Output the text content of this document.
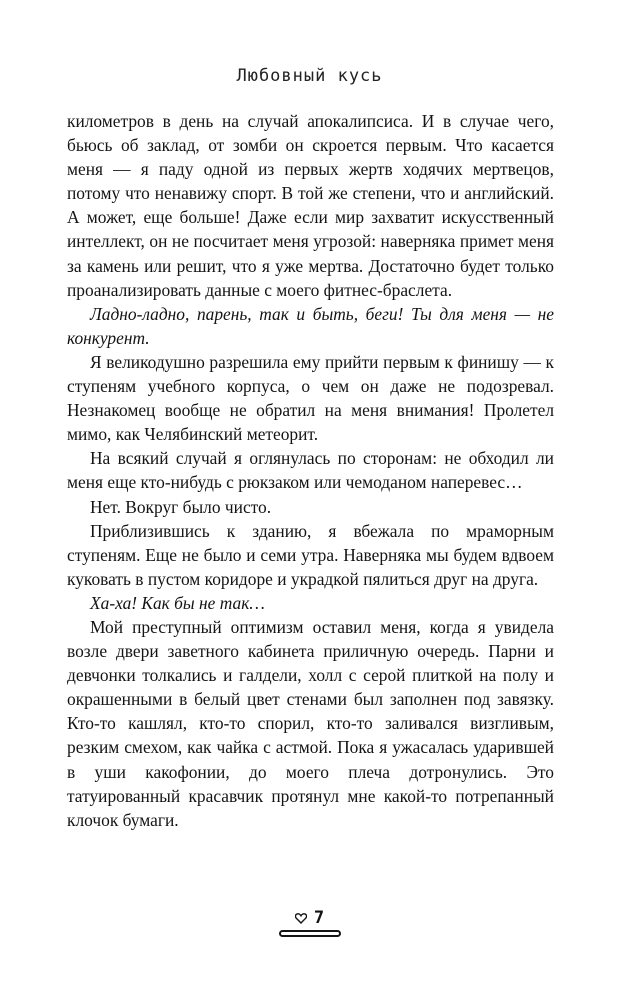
Любовный кусь

километров в день на случай апокалипсиса. И в случае чего, бьюсь об заклад, от зомби он скроется первым. Что касается меня — я паду одной из первых жертв ходячих мертвецов, потому что ненавижу спорт. В той же степени, что и английский. А может, еще больше! Даже если мир захватит искусственный интеллект, он не посчитает меня угрозой: наверняка примет меня за камень или решит, что я уже мертва. Достаточно будет только проанализировать данные с моего фитнес-браслета.

Ладно-ладно, парень, так и быть, беги! Ты для меня — не конкурент.

Я великодушно разрешила ему прийти первым к финишу — к ступеням учебного корпуса, о чем он даже не подозревал. Незнакомец вообще не обратил на меня внимания! Пролетел мимо, как Челябинский метеорит.

На всякий случай я оглянулась по сторонам: не обходил ли меня еще кто-нибудь с рюкзаком или чемоданом наперевес…

Нет. Вокруг было чисто.

Приблизившись к зданию, я вбежала по мраморным ступеням. Еще не было и семи утра. Наверняка мы будем вдвоем куковать в пустом коридоре и украдкой пялиться друг на друга.

Ха-ха! Как бы не так…

Мой преступный оптимизм оставил меня, когда я увидела возле двери заветного кабинета приличную очередь. Парни и девчонки толкались и галдели, холл с серой плиткой на полу и окрашенными в белый цвет стенами был заполнен под завязку. Кто-то кашлял, кто-то спорил, кто-то заливался визгливым, резким смехом, как чайка с астмой. Пока я ужасалась ударившей в уши какофонии, до моего плеча дотронулись. Это татуированный красавчик протянул мне какой-то потрепанный клочок бумаги.

7
